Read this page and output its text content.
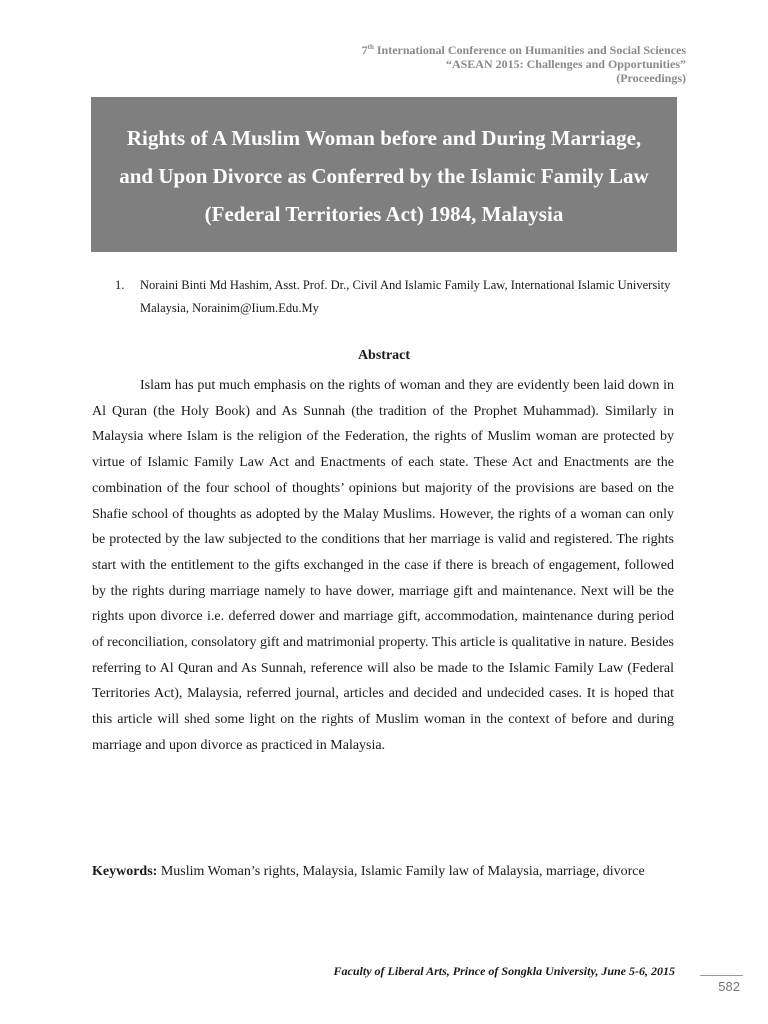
7th International Conference on Humanities and Social Sciences
“ASEAN 2015: Challenges and Opportunities”
(Proceedings)
Rights of A Muslim Woman before and During Marriage, and Upon Divorce as Conferred by the Islamic Family Law (Federal Territories Act) 1984, Malaysia
1. Noraini Binti Md Hashim, Asst. Prof. Dr., Civil And Islamic Family Law, International Islamic University Malaysia, Norainim@Iium.Edu.My
Abstract

Islam has put much emphasis on the rights of woman and they are evidently been laid down in Al Quran (the Holy Book) and As Sunnah (the tradition of the Prophet Muhammad). Similarly in Malaysia where Islam is the religion of the Federation, the rights of Muslim woman are protected by virtue of Islamic Family Law Act and Enactments of each state. These Act and Enactments are the combination of the four school of thoughts’ opinions but majority of the provisions are based on the Shafie school of thoughts as adopted by the Malay Muslims. However, the rights of a woman can only be protected by the law subjected to the conditions that her marriage is valid and registered. The rights start with the entitlement to the gifts exchanged in the case if there is breach of engagement, followed by the rights during marriage namely to have dower, marriage gift and maintenance. Next will be the rights upon divorce i.e. deferred dower and marriage gift, accommodation, maintenance during period of reconciliation, consolatory gift and matrimonial property. This article is qualitative in nature. Besides referring to Al Quran and As Sunnah, reference will also be made to the Islamic Family Law (Federal Territories Act), Malaysia, referred journal, articles and decided and undecided cases. It is hoped that this article will shed some light on the rights of Muslim woman in the context of before and during marriage and upon divorce as practiced in Malaysia.

Keywords: Muslim Woman’s rights, Malaysia, Islamic Family law of Malaysia, marriage, divorce
Faculty of Liberal Arts, Prince of Songkla University, June 5-6, 2015
582
